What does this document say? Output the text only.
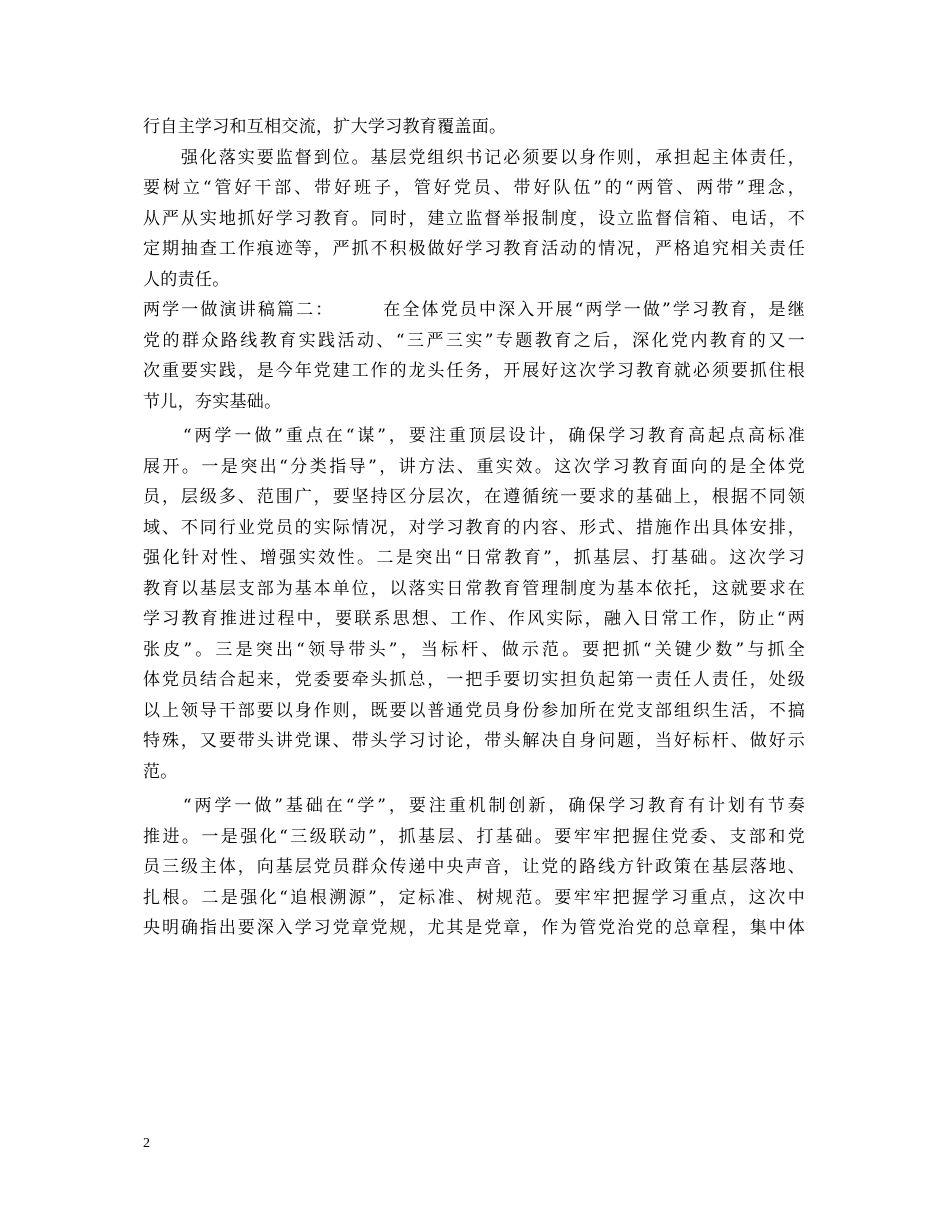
行自主学习和互相交流，扩大学习教育覆盖面。
　　强化落实要监督到位。基层党组织书记必须要以身作则，承担起主体责任，
要树立“管好干部、带好班子，管好党员、带好队伍”的“两管、两带”理念，
从严从实地抓好学习教育。同时，建立监督举报制度，设立监督信箱、电话，不
定期抽查工作痕迹等，严抓不积极做好学习教育活动的情况，严格追究相关责任
人的责任。
两学一做演讲稿篇二：　　　在全体党员中深入开展“两学一做”学习教育，是继
党的群众路线教育实践活动、“三严三实”专题教育之后，深化党内教育的又一
次重要实践，是今年党建工作的龙头任务，开展好这次学习教育就必须要抓住根
节儿，夯实基础。
　　“两学一做”重点在“谋”，要注重顶层设计，确保学习教育高起点高标准
展开。一是突出“分类指导”，讲方法、重实效。这次学习教育面向的是全体党
员，层级多、范围广，要坚持区分层次，在遵循统一要求的基础上，根据不同领
域、不同行业党员的实际情况，对学习教育的内容、形式、措施作出具体安排，
强化针对性、增强实效性。二是突出“日常教育”，抓基层、打基础。这次学习
教育以基层支部为基本单位，以落实日常教育管理制度为基本依托，这就要求在
学习教育推进过程中，要联系思想、工作、作风实际，融入日常工作，防止“两
张皮”。三是突出“领导带头”，当标杆、做示范。要把抓“关键少数”与抓全
体党员结合起来，党委要牵头抓总，一把手要切实担负起第一责任人责任，处级
以上领导干部要以身作则，既要以普通党员身份参加所在党支部组织生活，不搞
特殊，又要带头讲党课、带头学习讨论，带头解决自身问题，当好标杆、做好示
范。
　　“两学一做”基础在“学”，要注重机制创新，确保学习教育有计划有节奏
推进。一是强化“三级联动”，抓基层、打基础。要牢牢把握住党委、支部和党
员三级主体，向基层党员群众传递中央声音，让党的路线方针政策在基层落地、
扎根。二是强化“追根溯源”，定标准、树规范。要牢牢把握学习重点，这次中
央明确指出要深入学习党章党规，尤其是党章，作为管党治党的总章程，集中体
2
